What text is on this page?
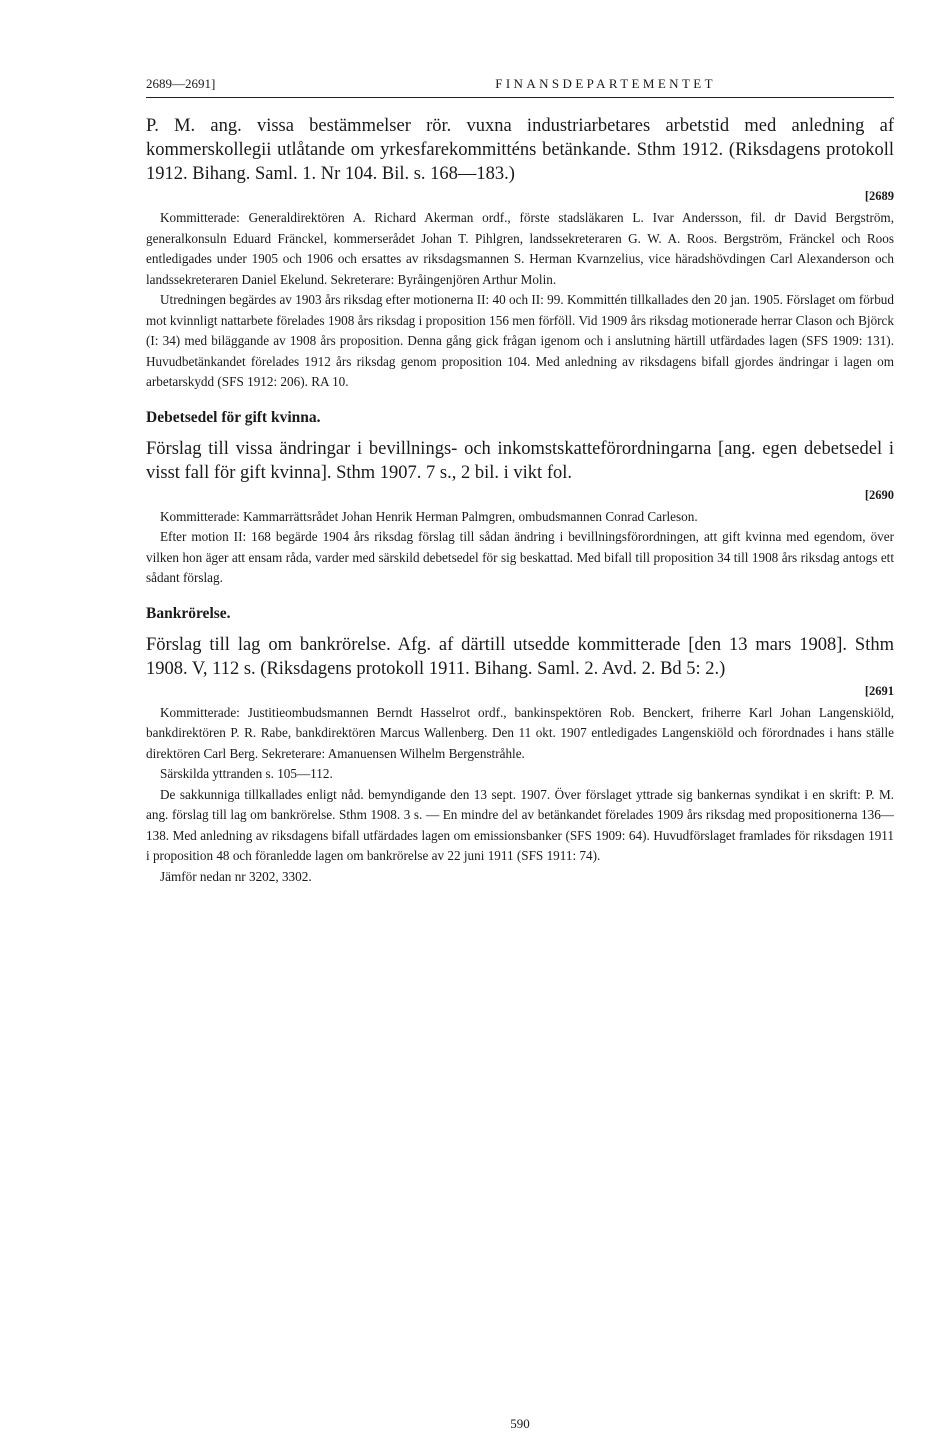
2689—2691]	FINANSDEPARTEMENTET

P. M. ang. vissa bestämmelser rör. vuxna industriarbetares arbetstid med anledning af kommerskollegii utlåtande om yrkesfarekommitténs betänkande. Sthm 1912. (Riksdagens protokoll 1912. Bihang. Saml. 1. Nr 104. Bil. s. 168—183.)

[2689

Kommitterade: Generaldirektören A. Richard Akerman ordf., förste stadsläkaren L. Ivar Andersson, fil. dr David Bergström, generalkonsuln Eduard Fränckel, kommerserådet Johan T. Pihlgren, landssekreteraren G. W. A. Roos. Bergström, Fränckel och Roos entledigades under 1905 och 1906 och ersattes av riksdagsmannen S. Herman Kvarnzelius, vice häradshövdingen Carl Alexanderson och landssekreteraren Daniel Ekelund. Sekreterare: Byråingenjören Arthur Molin.

Utredningen begärdes av 1903 års riksdag efter motionerna II: 40 och II: 99. Kommittén tillkallades den 20 jan. 1905. Förslaget om förbud mot kvinnligt nattarbete förelades 1908 års riksdag i proposition 156 men förföll. Vid 1909 års riksdag motionerade herrar Clason och Björck (I: 34) med biläggande av 1908 års proposition. Denna gång gick frågan igenom och i anslutning härtill utfärdades lagen (SFS 1909: 131). Huvudbetänkandet förelades 1912 års riksdag genom proposition 104. Med anledning av riksdagens bifall gjordes ändringar i lagen om arbetarskydd (SFS 1912: 206). RA 10.

Debetsedel för gift kvinna.

Förslag till vissa ändringar i bevillnings- och inkomstskatteförordningarna [ang. egen debetsedel i visst fall för gift kvinna]. Sthm 1907. 7 s., 2 bil. i vikt fol.

[2690

Kommitterade: Kammarrättsrådet Johan Henrik Herman Palmgren, ombudsmannen Conrad Carleson.

Efter motion II: 168 begärde 1904 års riksdag förslag till sådan ändring i bevillningsförordningen, att gift kvinna med egendom, över vilken hon äger att ensam råda, varder med särskild debetsedel för sig beskattad. Med bifall till proposition 34 till 1908 års riksdag antogs ett sådant förslag.

Bankrörelse.

Förslag till lag om bankrörelse. Afg. af därtill utsedde kommitterade [den 13 mars 1908]. Sthm 1908. V, 112 s. (Riksdagens protokoll 1911. Bihang. Saml. 2. Avd. 2. Bd 5: 2.)

[2691

Kommitterade: Justitieombudsmannen Berndt Hasselrot ordf., bankinspektören Rob. Benckert, friherre Karl Johan Langenskiöld, bankdirektören P. R. Rabe, bankdirektören Marcus Wallenberg. Den 11 okt. 1907 entledigades Langenskiöld och förordnades i hans ställe direktören Carl Berg. Sekreterare: Amanuensen Wilhelm Bergenstråhle.

Särskilda yttranden s. 105—112.

De sakkunniga tillkallades enligt nåd. bemyndigande den 13 sept. 1907. Över förslaget yttrade sig bankernas syndikat i en skrift: P. M. ang. förslag till lag om bankrörelse. Sthm 1908. 3 s. — En mindre del av betänkandet förelades 1909 års riksdag med propositionerna 136—138. Med anledning av riksdagens bifall utfärdades lagen om emissionsbanker (SFS 1909: 64). Huvudförslaget framlades för riksdagen 1911 i proposition 48 och föranledde lagen om bankrörelse av 22 juni 1911 (SFS 1911: 74).

Jämför nedan nr 3202, 3302.

590
